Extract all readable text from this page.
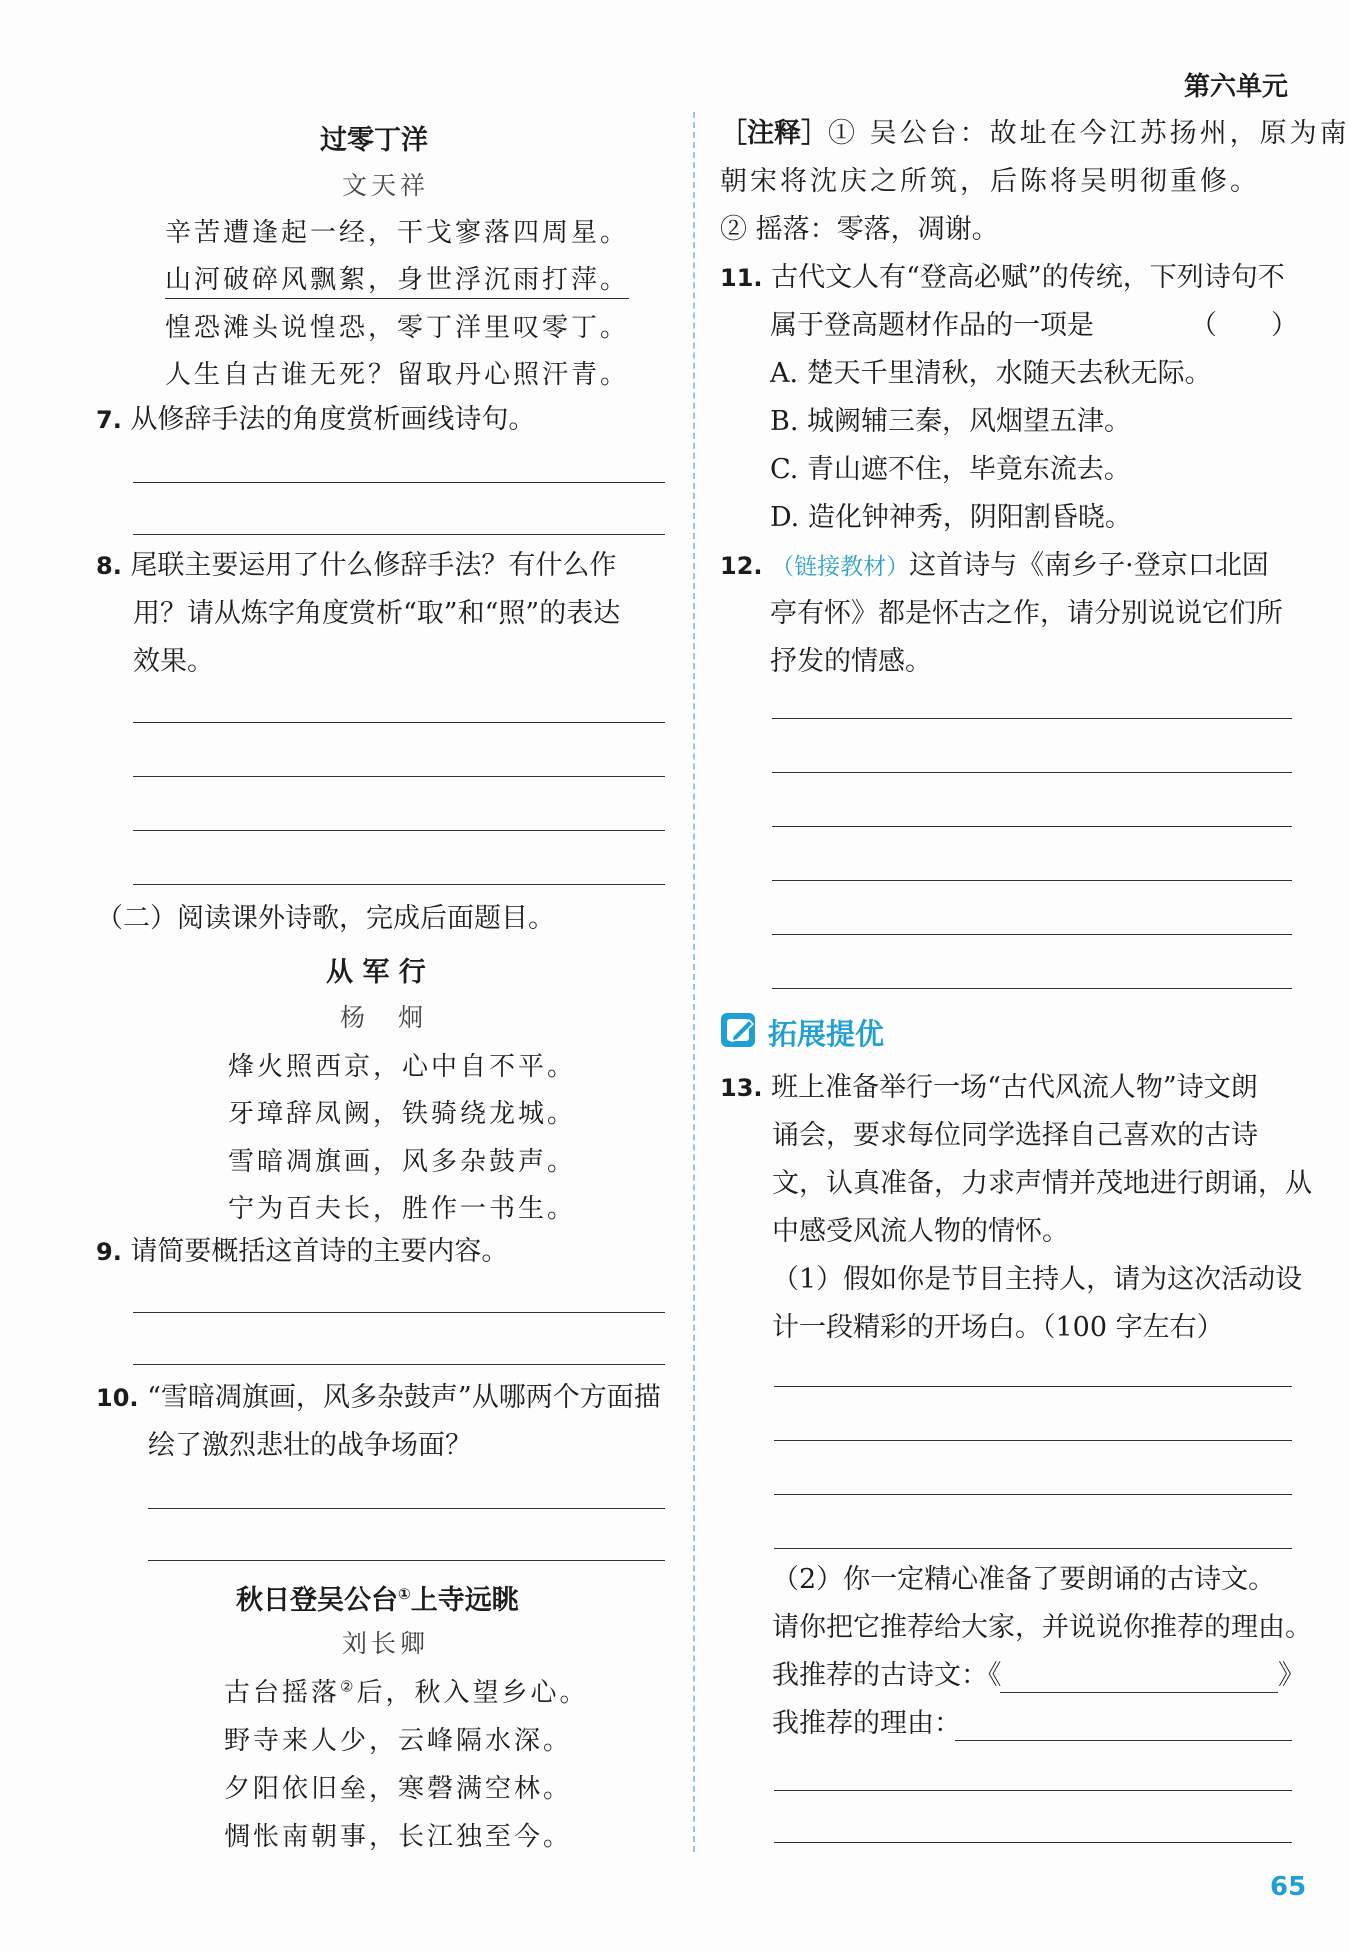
第六单元
过零丁洋
文天祥
辛苦遭逢起一经，干戈寥落四周星。
山河破碎风飘絮，身世浮沉雨打萍。
惶恐滩头说惶恐，零丁洋里叹零丁。
人生自古谁无死？留取丹心照汗青。
7. 从修辞手法的角度赏析画线诗句。
8. 尾联主要运用了什么修辞手法？有什么作
用？请从炼字角度赏析“取”和“照”的表达
效果。
（二）阅读课外诗歌，完成后面题目。
从 军 行
杨　炯
烽火照西京，心中自不平。
牙璋辞凤阙，铁骑绕龙城。
雪暗凋旗画，风多杂鼓声。
宁为百夫长，胜作一书生。
9. 请简要概括这首诗的主要内容。
10. “雪暗凋旗画，风多杂鼓声”从哪两个方面描
绘了激烈悲壮的战争场面？
秋日登吴公台①上寺远眺
刘长卿
古台摇落②后，秋入望乡心。
野寺来人少，云峰隔水深。
夕阳依旧垒，寒磬满空林。
惆怅南朝事，长江独至今。
［注释］① 吴公台：故址在今江苏扬州，原为南
朝宋将沈庆之所筑，后陈将吴明彻重修。
② 摇落：零落，凋谢。
11. 古代文人有“登高必赋”的传统，下列诗句不
属于登高题材作品的一项是	（　　）
A. 楚天千里清秋，水随天去秋无际。
B. 城阙辅三秦，风烟望五津。
C. 青山遮不住，毕竟东流去。
D. 造化钟神秀，阴阳割昏晓。
12. （链接教材）这首诗与《南乡子·登京口北固
亭有怀》都是怀古之作，请分别说说它们所
抒发的情感。
拓展提优
13. 班上准备举行一场“古代风流人物”诗文朗
诵会，要求每位同学选择自己喜欢的古诗
文，认真准备，力求声情并茂地进行朗诵，从
中感受风流人物的情怀。
（1）假如你是节目主持人，请为这次活动设
计一段精彩的开场白。（100 字左右）
（2）你一定精心准备了要朗诵的古诗文。
请你把它推荐给大家，并说说你推荐的理由。
我推荐的古诗文：《	》
我推荐的理由：
65
